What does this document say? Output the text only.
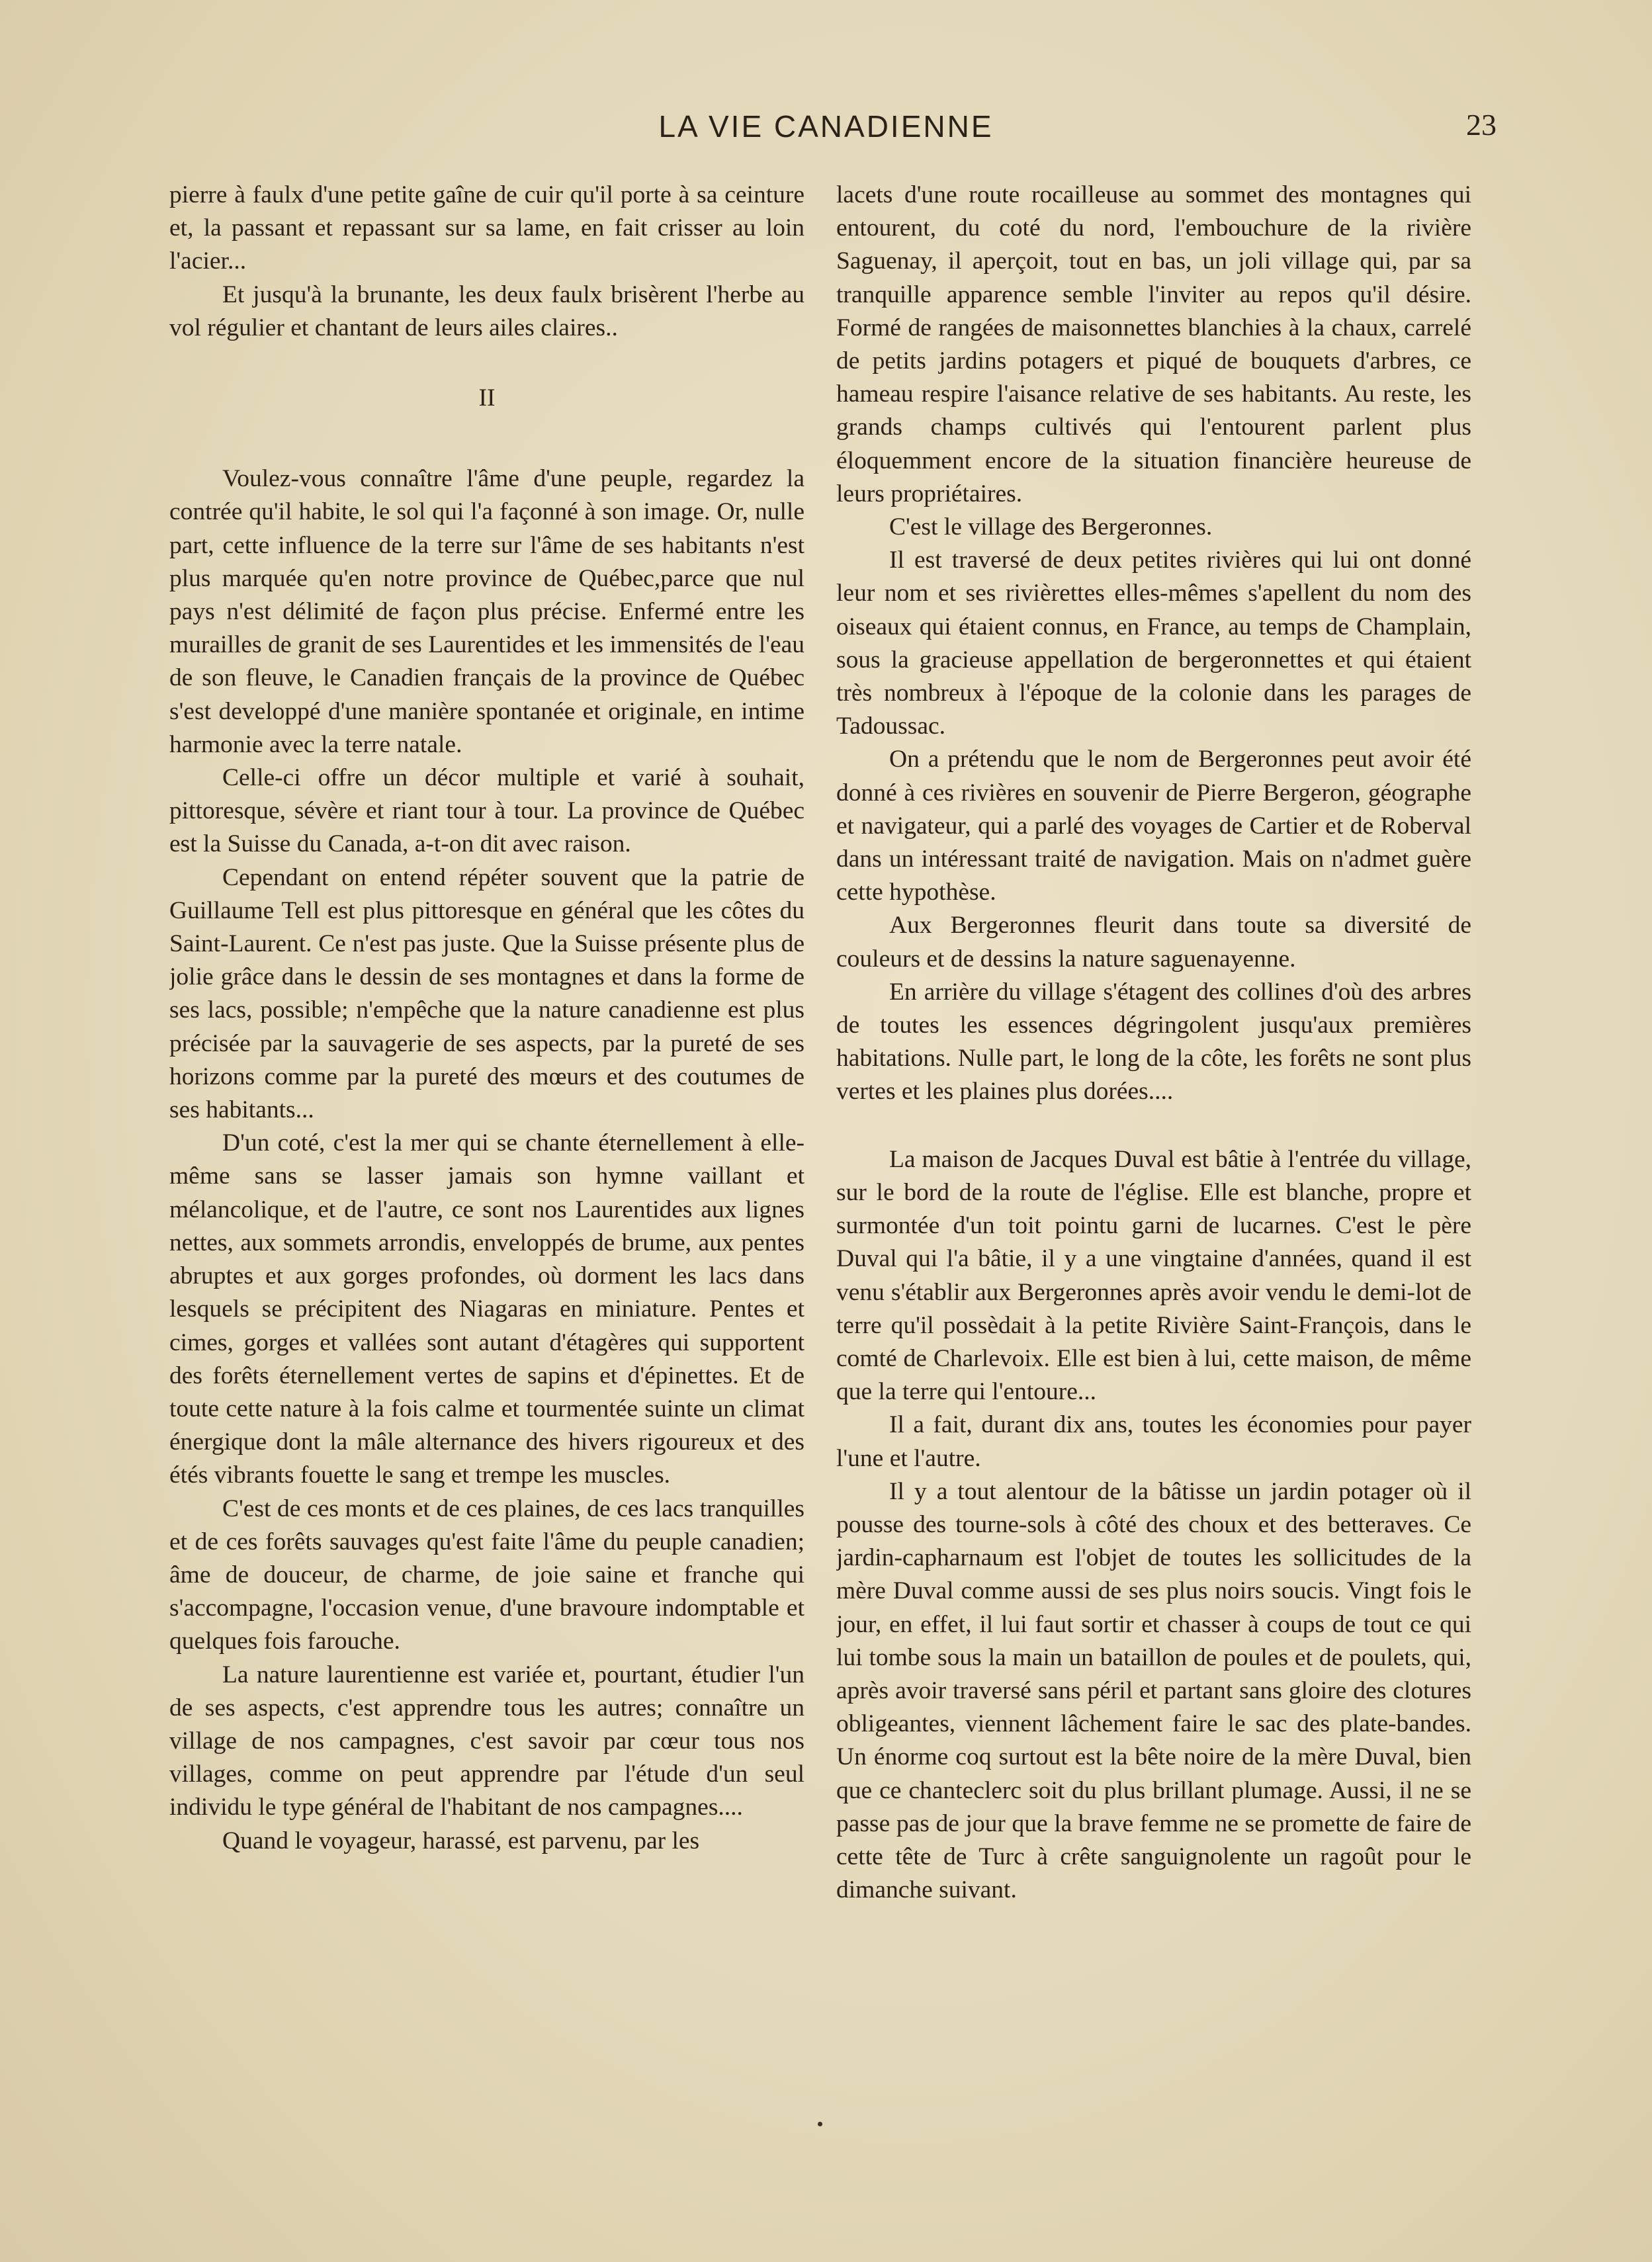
LA VIE CANADIENNE	23

pierre à faulx d'une petite gaîne de cuir qu'il porte à sa ceinture et, la passant et repassant sur sa lame, en fait crisser au loin l'acier...

Et jusqu'à la brunante, les deux faulx brisèrent l'herbe au vol régulier et chantant de leurs ailes claires..

II

Voulez-vous connaître l'âme d'une peuple, regardez la contrée qu'il habite, le sol qui l'a façonné à son image. Or, nulle part, cette influence de la terre sur l'âme de ses habitants n'est plus marquée qu'en notre province de Québec,parce que nul pays n'est délimité de façon plus précise. Enfermé entre les murailles de granit de ses Laurentides et les immensités de l'eau de son fleuve, le Canadien français de la province de Québec s'est developpé d'une manière spontanée et originale, en intime harmonie avec la terre natale.

Celle-ci offre un décor multiple et varié à souhait, pittoresque, sévère et riant tour à tour. La province de Québec est la Suisse du Canada, a-t-on dit avec raison.

Cependant on entend répéter souvent que la patrie de Guillaume Tell est plus pittoresque en général que les côtes du Saint-Laurent. Ce n'est pas juste. Que la Suisse présente plus de jolie grâce dans le dessin de ses montagnes et dans la forme de ses lacs, possible; n'empêche que la nature canadienne est plus précisée par la sauvagerie de ses aspects, par la pureté de ses horizons comme par la pureté des mœurs et des coutumes de ses habitants...

D'un coté, c'est la mer qui se chante éternellement à elle-même sans se lasser jamais son hymne vaillant et mélancolique, et de l'autre, ce sont nos Laurentides aux lignes nettes, aux sommets arrondis, enveloppés de brume, aux pentes abruptes et aux gorges profondes, où dorment les lacs dans lesquels se précipitent des Niagaras en miniature. Pentes et cimes, gorges et vallées sont autant d'étagères qui supportent des forêts éternellement vertes de sapins et d'épinettes. Et de toute cette nature à la fois calme et tourmentée suinte un climat énergique dont la mâle alternance des hivers rigoureux et des étés vibrants fouette le sang et trempe les muscles.

C'est de ces monts et de ces plaines, de ces lacs tranquilles et de ces forêts sauvages qu'est faite l'âme du peuple canadien; âme de douceur, de charme, de joie saine et franche qui s'accompagne, l'occasion venue, d'une bravoure indomptable et quelques fois farouche.

La nature laurentienne est variée et, pourtant, étudier l'un de ses aspects, c'est apprendre tous les autres; connaître un village de nos campagnes, c'est savoir par cœur tous nos villages, comme on peut apprendre par l'étude d'un seul individu le type général de l'habitant de nos campagnes....

Quand le voyageur, harassé, est parvenu, par les

lacets d'une route rocailleuse au sommet des montagnes qui entourent, du coté du nord, l'embouchure de la rivière Saguenay, il aperçoit, tout en bas, un joli village qui, par sa tranquille apparence semble l'inviter au repos qu'il désire. Formé de rangées de maisonnettes blanchies à la chaux, carrelé de petits jardins potagers et piqué de bouquets d'arbres, ce hameau respire l'aisance relative de ses habitants. Au reste, les grands champs cultivés qui l'entourent parlent plus éloquemment encore de la situation financière heureuse de leurs propriétaires.

C'est le village des Bergeronnes.

Il est traversé de deux petites rivières qui lui ont donné leur nom et ses rivièrettes elles-mêmes s'apellent du nom des oiseaux qui étaient connus, en France, au temps de Champlain, sous la gracieuse appellation de bergeronnettes et qui étaient très nombreux à l'époque de la colonie dans les parages de Tadoussac.

On a prétendu que le nom de Bergeronnes peut avoir été donné à ces rivières en souvenir de Pierre Bergeron, géographe et navigateur, qui a parlé des voyages de Cartier et de Roberval dans un intéressant traité de navigation. Mais on n'admet guère cette hypothèse.

Aux Bergeronnes fleurit dans toute sa diversité de couleurs et de dessins la nature saguenayenne.

En arrière du village s'étagent des collines d'où des arbres de toutes les essences dégringolent jusqu'aux premières habitations. Nulle part, le long de la côte, les forêts ne sont plus vertes et les plaines plus dorées....

La maison de Jacques Duval est bâtie à l'entrée du village, sur le bord de la route de l'église. Elle est blanche, propre et surmontée d'un toit pointu garni de lucarnes. C'est le père Duval qui l'a bâtie, il y a une vingtaine d'années, quand il est venu s'établir aux Bergeronnes après avoir vendu le demi-lot de terre qu'il possèdait à la petite Rivière Saint-François, dans le comté de Charlevoix. Elle est bien à lui, cette maison, de même que la terre qui l'entoure...

Il a fait, durant dix ans, toutes les économies pour payer l'une et l'autre.

Il y a tout alentour de la bâtisse un jardin potager où il pousse des tourne-sols à côté des choux et des betteraves. Ce jardin-capharnaum est l'objet de toutes les sollicitudes de la mère Duval comme aussi de ses plus noirs soucis. Vingt fois le jour, en effet, il lui faut sortir et chasser à coups de tout ce qui lui tombe sous la main un bataillon de poules et de poulets, qui, après avoir traversé sans péril et partant sans gloire des clotures obligeantes, viennent lâchement faire le sac des plate-bandes. Un énorme coq surtout est la bête noire de la mère Duval, bien que ce chanteclerc soit du plus brillant plumage. Aussi, il ne se passe pas de jour que la brave femme ne se promette de faire de cette tête de Turc à crête sanguignolente un ragoût pour le dimanche suivant.
